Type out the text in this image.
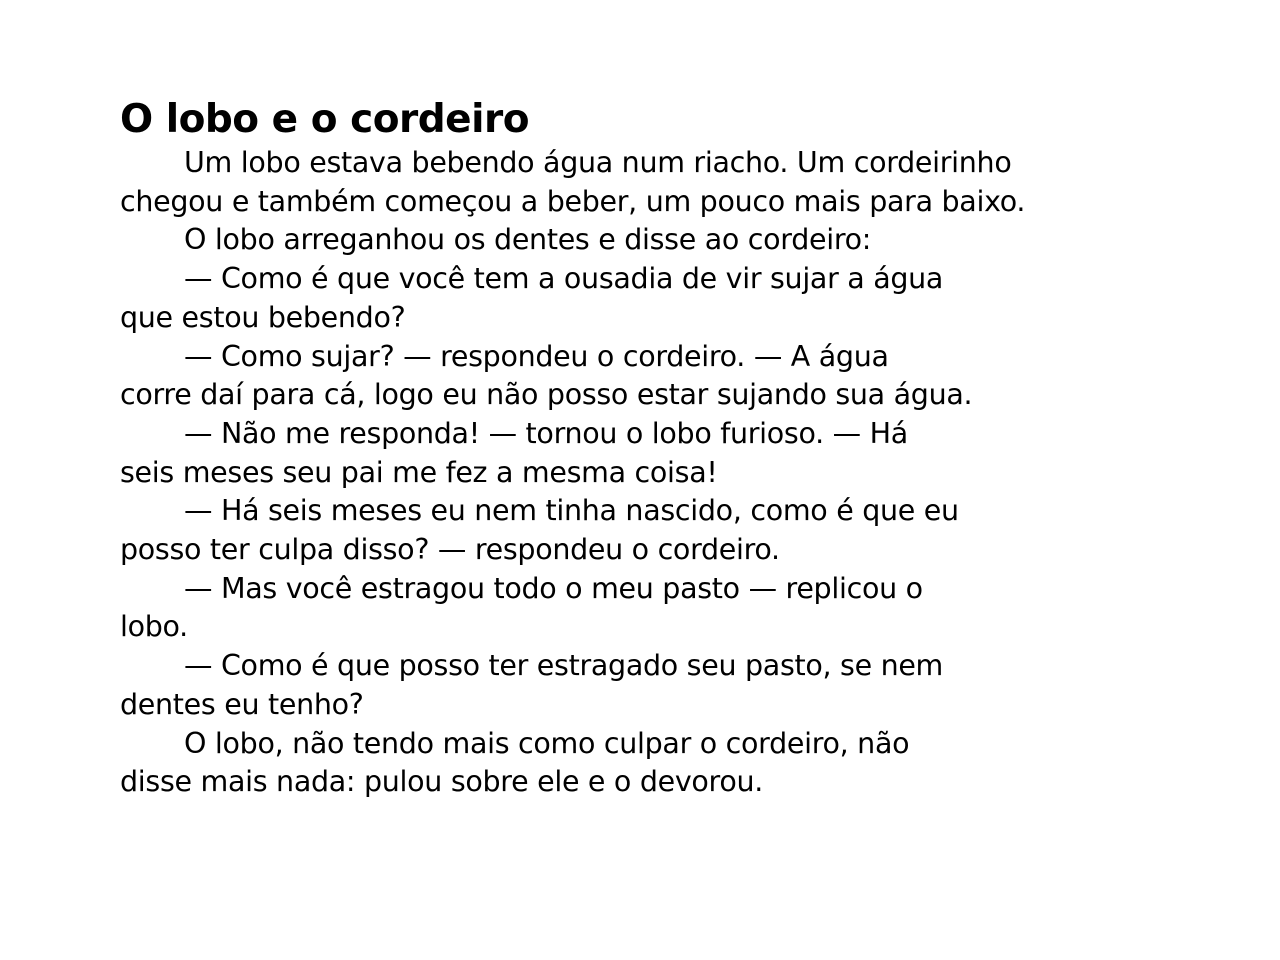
O lobo e o cordeiro

Um lobo estava bebendo água num riacho. Um cordeirinho
chegou e também começou a beber, um pouco mais para baixo.

O lobo arreganhou os dentes e disse ao cordeiro:

— Como é que você tem a ousadia de vir sujar a água
que estou bebendo?

— Como sujar? — respondeu o cordeiro. — A água
corre daí para cá, logo eu não posso estar sujando sua água.

— Não me responda! — tornou o lobo furioso. — Há
seis meses seu pai me fez a mesma coisa!

— Há seis meses eu nem tinha nascido, como é que eu
posso ter culpa disso? — respondeu o cordeiro.

— Mas você estragou todo o meu pasto — replicou o
lobo.

— Como é que posso ter estragado seu pasto, se nem
dentes eu tenho?

O lobo, não tendo mais como culpar o cordeiro, não
disse mais nada: pulou sobre ele e o devorou.
